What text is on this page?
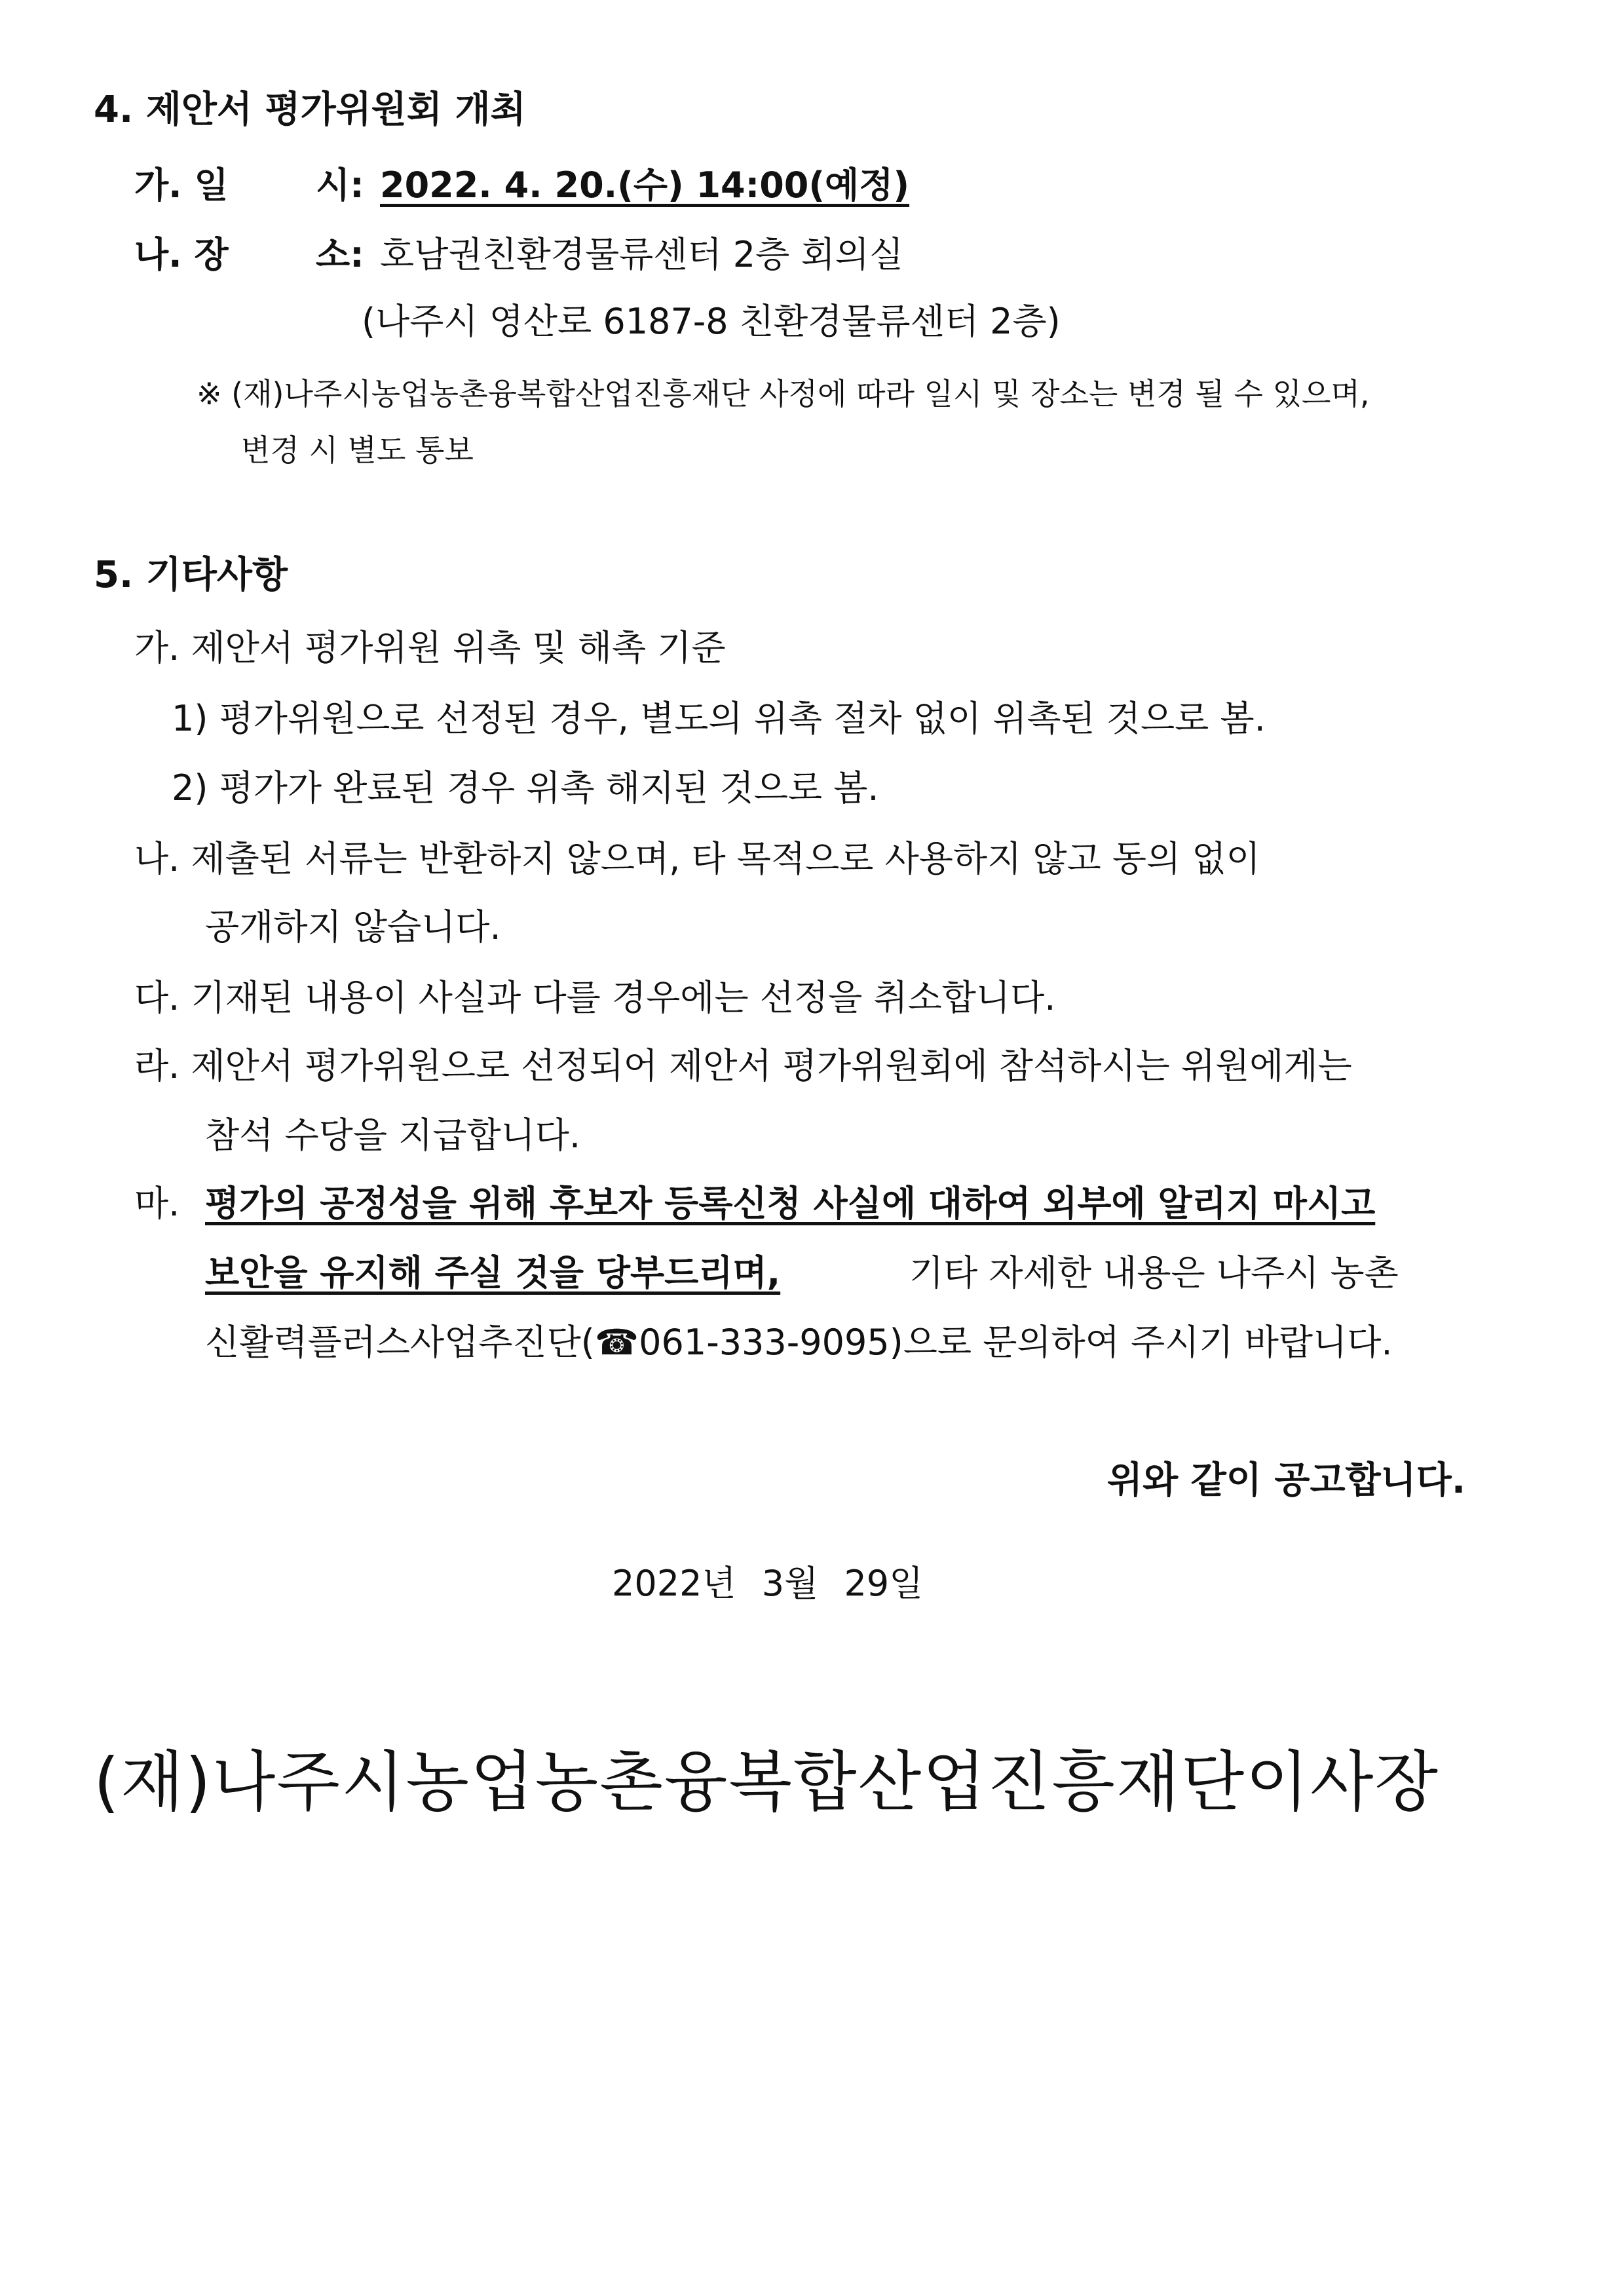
4. 제안서 평가위원회 개최

가. 일 시: 2022. 4. 20.(수) 14:00(예정)

나. 장 소: 호남권친환경물류센터 2층 회의실

(나주시 영산로 6187-8 친환경물류센터 2층)

※ (재)나주시농업농촌융복합산업진흥재단 사정에 따라 일시 및 장소는 변경 될 수 있으며,

변경 시 별도 통보

5. 기타사항

가. 제안서 평가위원 위촉 및 해촉 기준

1) 평가위원으로 선정된 경우, 별도의 위촉 절차 없이 위촉된 것으로 봄.

2) 평가가 완료된 경우 위촉 해지된 것으로 봄.

나. 제출된 서류는 반환하지 않으며, 타 목적으로 사용하지 않고 동의 없이

공개하지 않습니다.

다. 기재된 내용이 사실과 다를 경우에는 선정을 취소합니다.

라. 제안서 평가위원으로 선정되어 제안서 평가위원회에 참석하시는 위원에게는

참석 수당을 지급합니다.

마. 평가의 공정성을 위해 후보자 등록신청 사실에 대하여 외부에 알리지 마시고

보안을 유지해 주실 것을 당부드리며,	기타 자세한 내용은 나주시 농촌

신활력플러스사업추진단(☎061-333-9095)으로 문의하여 주시기 바랍니다.

위와 같이 공고합니다.

2022년 3월 29일

(재)나주시농업농촌융복합산업진흥재단이사장
